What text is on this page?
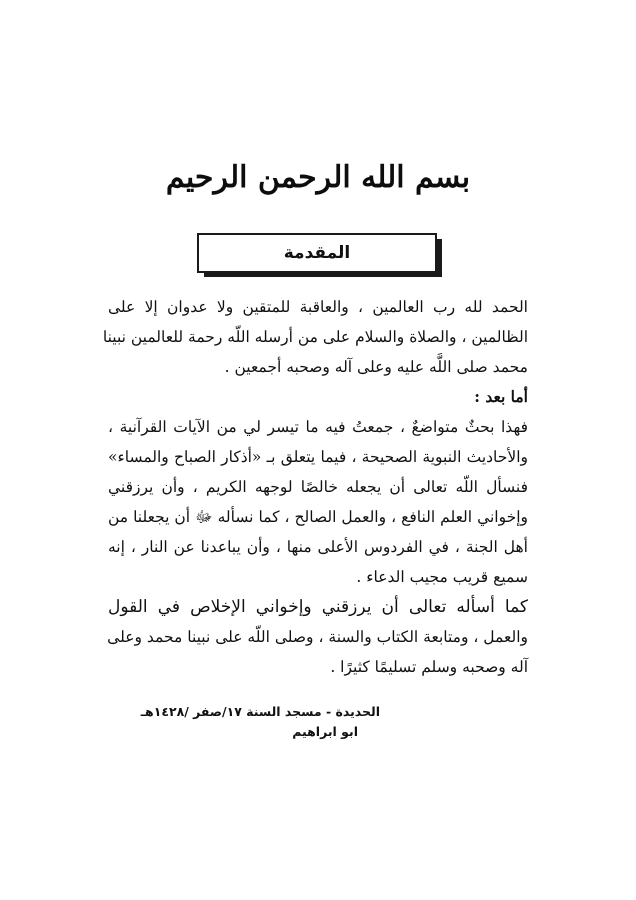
بسم الله الرحمن الرحيم
المقدمة
الحمد لله رب العالمين ، والعاقبة للمتقين ولا عدوان إلا على
الظالمين ، والصلاة والسلام على من أرسله اللّه رحمة للعالمين نبينا
محمد صلى اللَّه عليه وعلى آله وصحبه أجمعين .
أما بعد :
فهذا بحثٌ متواضعٌ ، جمعتُ فيه ما تيسر لي من الآيات القرآنية ،
والأحاديث النبوية الصحيحة ، فيما يتعلق بـ «أذكار الصباح والمساء»
فنسأل اللّه تعالى أن يجعله خالصًا لوجهه الكريم ، وأن يرزقني
وإخواني العلم النافع ، والعمل الصالح ، كما نسأله ﷻ أن يجعلنا من
أهل الجنة ، في الفردوس الأعلى منها ، وأن يباعدنا عن النار ، إنه
سميع قريب مجيب الدعاء .
كما أسأله تعالى أن يرزقني وإخواني الإخلاص في القول
والعمل ، ومتابعة الكتاب والسنة ، وصلى اللّه على نبينا محمد وعلى
آله وصحبه وسلم تسليمًا كثيرًا .
الحديدة - مسجد السنة ١٧/صفر /١٤٢٨هـ
ابو ابراهيم
